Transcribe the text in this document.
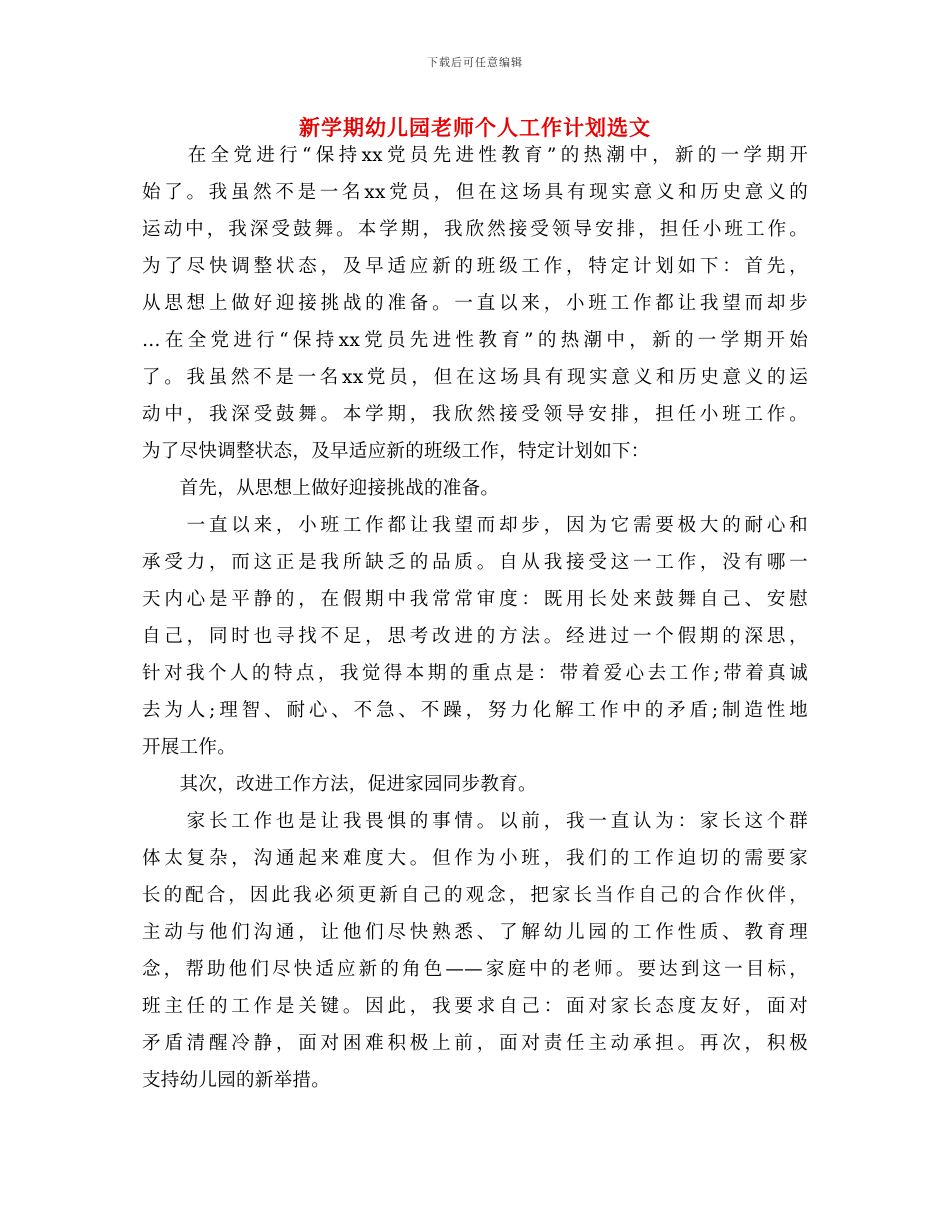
下载后可任意编辑
新学期幼儿园老师个人工作计划选文
　　在全党进行“保持xx党员先进性教育”的热潮中，新的一学期开
始了。我虽然不是一名xx党员，但在这场具有现实意义和历史意义的
运动中，我深受鼓舞。本学期，我欣然接受领导安排，担任小班工作。
为了尽快调整状态，及早适应新的班级工作，特定计划如下：首先，
从思想上做好迎接挑战的准备。一直以来，小班工作都让我望而却步
…在全党进行“保持xx党员先进性教育”的热潮中，新的一学期开始
了。我虽然不是一名xx党员，但在这场具有现实意义和历史意义的运
动中，我深受鼓舞。本学期，我欣然接受领导安排，担任小班工作。
为了尽快调整状态，及早适应新的班级工作，特定计划如下：
　　首先，从思想上做好迎接挑战的准备。
　　一直以来，小班工作都让我望而却步，因为它需要极大的耐心和
承受力，而这正是我所缺乏的品质。自从我接受这一工作，没有哪一
天内心是平静的，在假期中我常常审度：既用长处来鼓舞自己、安慰
自己，同时也寻找不足，思考改进的方法。经进过一个假期的深思，
针对我个人的特点，我觉得本期的重点是：带着爱心去工作;带着真诚
去为人;理智、耐心、不急、不躁，努力化解工作中的矛盾;制造性地
开展工作。
　　其次，改进工作方法，促进家园同步教育。
　　家长工作也是让我畏惧的事情。以前，我一直认为：家长这个群
体太复杂，沟通起来难度大。但作为小班，我们的工作迫切的需要家
长的配合，因此我必须更新自己的观念，把家长当作自己的合作伙伴，
主动与他们沟通，让他们尽快熟悉、了解幼儿园的工作性质、教育理
念，帮助他们尽快适应新的角色——家庭中的老师。要达到这一目标，
班主任的工作是关键。因此，我要求自己：面对家长态度友好，面对
矛盾清醒冷静，面对困难积极上前，面对责任主动承担。再次，积极
支持幼儿园的新举措。
